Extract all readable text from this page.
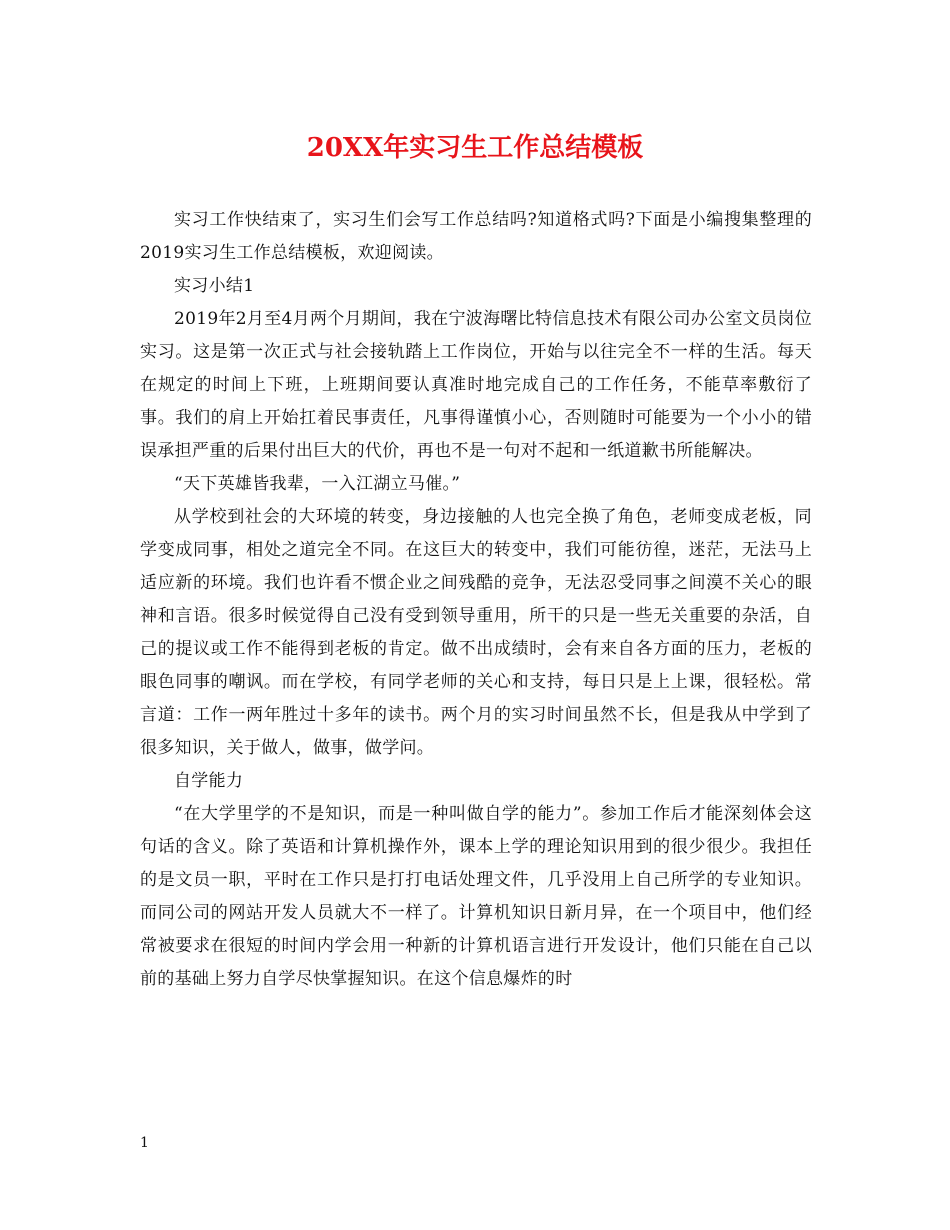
20XX年实习生工作总结模板

实习工作快结束了，实习生们会写工作总结吗?知道格式吗?下面是小编搜集整理的2019实习生工作总结模板，欢迎阅读。

实习小结1

2019年2月至4月两个月期间，我在宁波海曙比特信息技术有限公司办公室文员岗位实习。这是第一次正式与社会接轨踏上工作岗位，开始与以往完全不一样的生活。每天在规定的时间上下班，上班期间要认真准时地完成自己的工作任务，不能草率敷衍了事。我们的肩上开始扛着民事责任，凡事得谨慎小心，否则随时可能要为一个小小的错误承担严重的后果付出巨大的代价，再也不是一句对不起和一纸道歉书所能解决。

“天下英雄皆我辈，一入江湖立马催。”

从学校到社会的大环境的转变，身边接触的人也完全换了角色，老师变成老板，同学变成同事，相处之道完全不同。在这巨大的转变中，我们可能彷徨，迷茫，无法马上适应新的环境。我们也许看不惯企业之间残酷的竞争，无法忍受同事之间漠不关心的眼神和言语。很多时候觉得自己没有受到领导重用，所干的只是一些无关重要的杂活，自己的提议或工作不能得到老板的肯定。做不出成绩时，会有来自各方面的压力，老板的眼色同事的嘲讽。而在学校，有同学老师的关心和支持，每日只是上上课，很轻松。常言道：工作一两年胜过十多年的读书。两个月的实习时间虽然不长，但是我从中学到了很多知识，关于做人，做事，做学问。

自学能力

“在大学里学的不是知识，而是一种叫做自学的能力”。参加工作后才能深刻体会这句话的含义。除了英语和计算机操作外，课本上学的理论知识用到的很少很少。我担任的是文员一职，平时在工作只是打打电话处理文件，几乎没用上自己所学的专业知识。而同公司的网站开发人员就大不一样了。计算机知识日新月异，在一个项目中，他们经常被要求在很短的时间内学会用一种新的计算机语言进行开发设计，他们只能在自己以前的基础上努力自学尽快掌握知识。在这个信息爆炸的时

1
